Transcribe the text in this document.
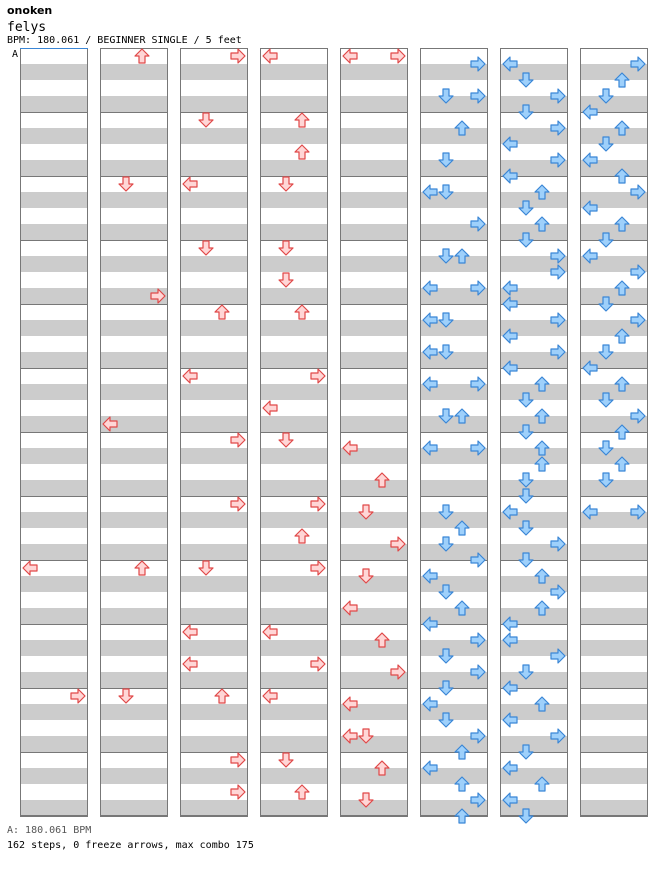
onoken
felys
BPM: 180.061 / BEGINNER SINGLE / 5 feet
A
A: 180.061 BPM
162 steps, 0 freeze arrows, max combo 175
